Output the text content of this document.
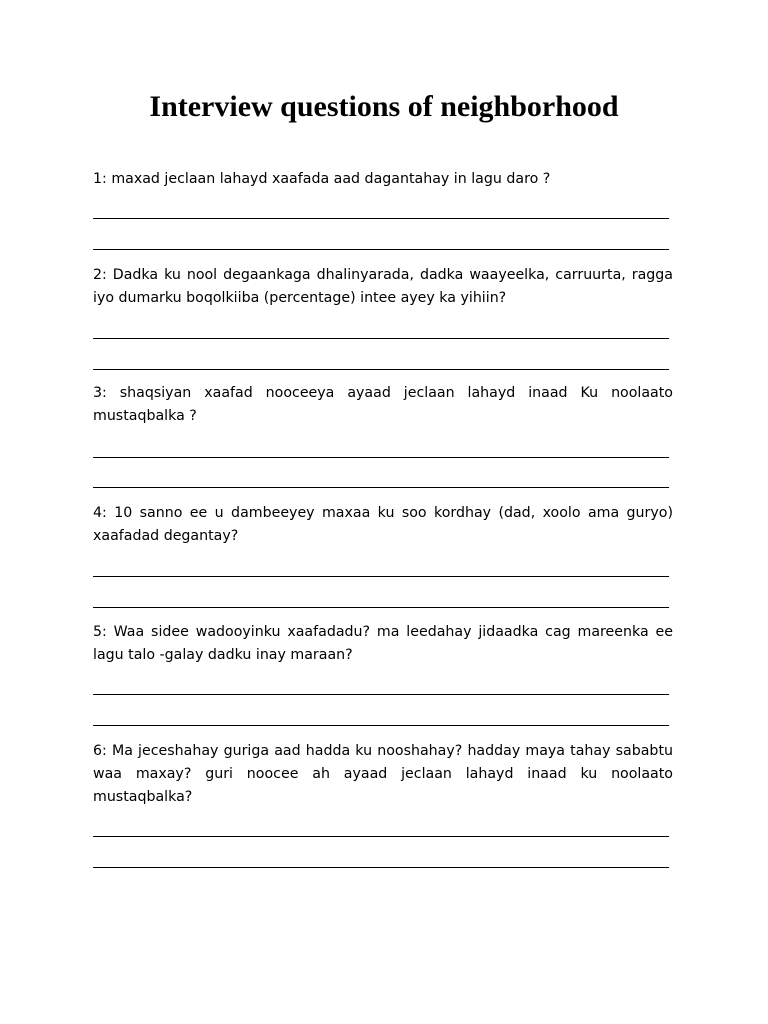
Interview questions of neighborhood

1: maxad jeclaan lahayd xaafada aad dagantahay in lagu daro ?

2: Dadka ku nool degaankaga dhalinyarada, dadka waayeelka, carruurta, ragga iyo dumarku boqolkiiba (percentage) intee ayey ka yihiin?

3: shaqsiyan xaafad nooceeya ayaad jeclaan lahayd inaad Ku noolaato mustaqbalka ?

4: 10 sanno ee u dambeeyey maxaa ku soo kordhay (dad, xoolo ama guryo) xaafadad degantay?

5: Waa sidee wadooyinku xaafadadu? ma leedahay jidaadka cag mareenka ee lagu talo -galay dadku inay maraan?

6: Ma jeceshahay guriga aad hadda ku nooshahay? hadday maya tahay sababtu waa maxay? guri noocee ah ayaad jeclaan lahayd inaad ku noolaato mustaqbalka?
